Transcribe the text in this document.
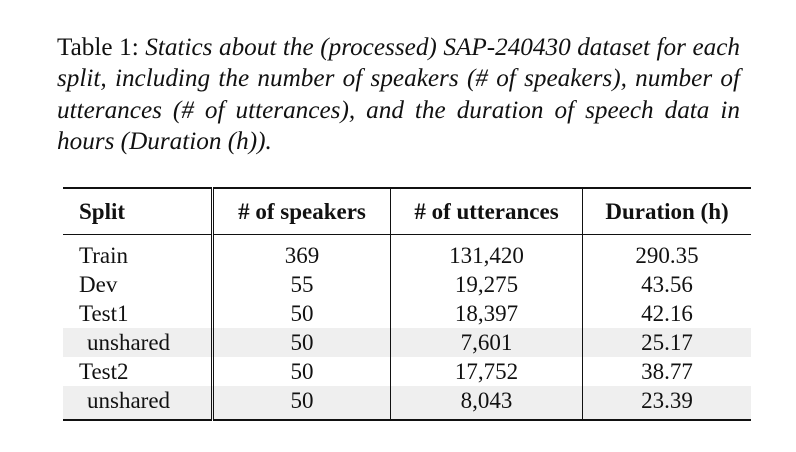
Table 1: Statics about the (processed) SAP-240430 dataset for each split, including the number of speakers (# of speakers), number of utterances (# of utterances), and the duration of speech data in hours (Duration (h)).

Split	# of speakers	# of utterances	Duration (h)
Train	369	131,420	290.35
Dev	55	19,275	43.56
Test1	50	18,397	42.16
unshared	50	7,601	25.17
Test2	50	17,752	38.77
unshared	50	8,043	23.39
